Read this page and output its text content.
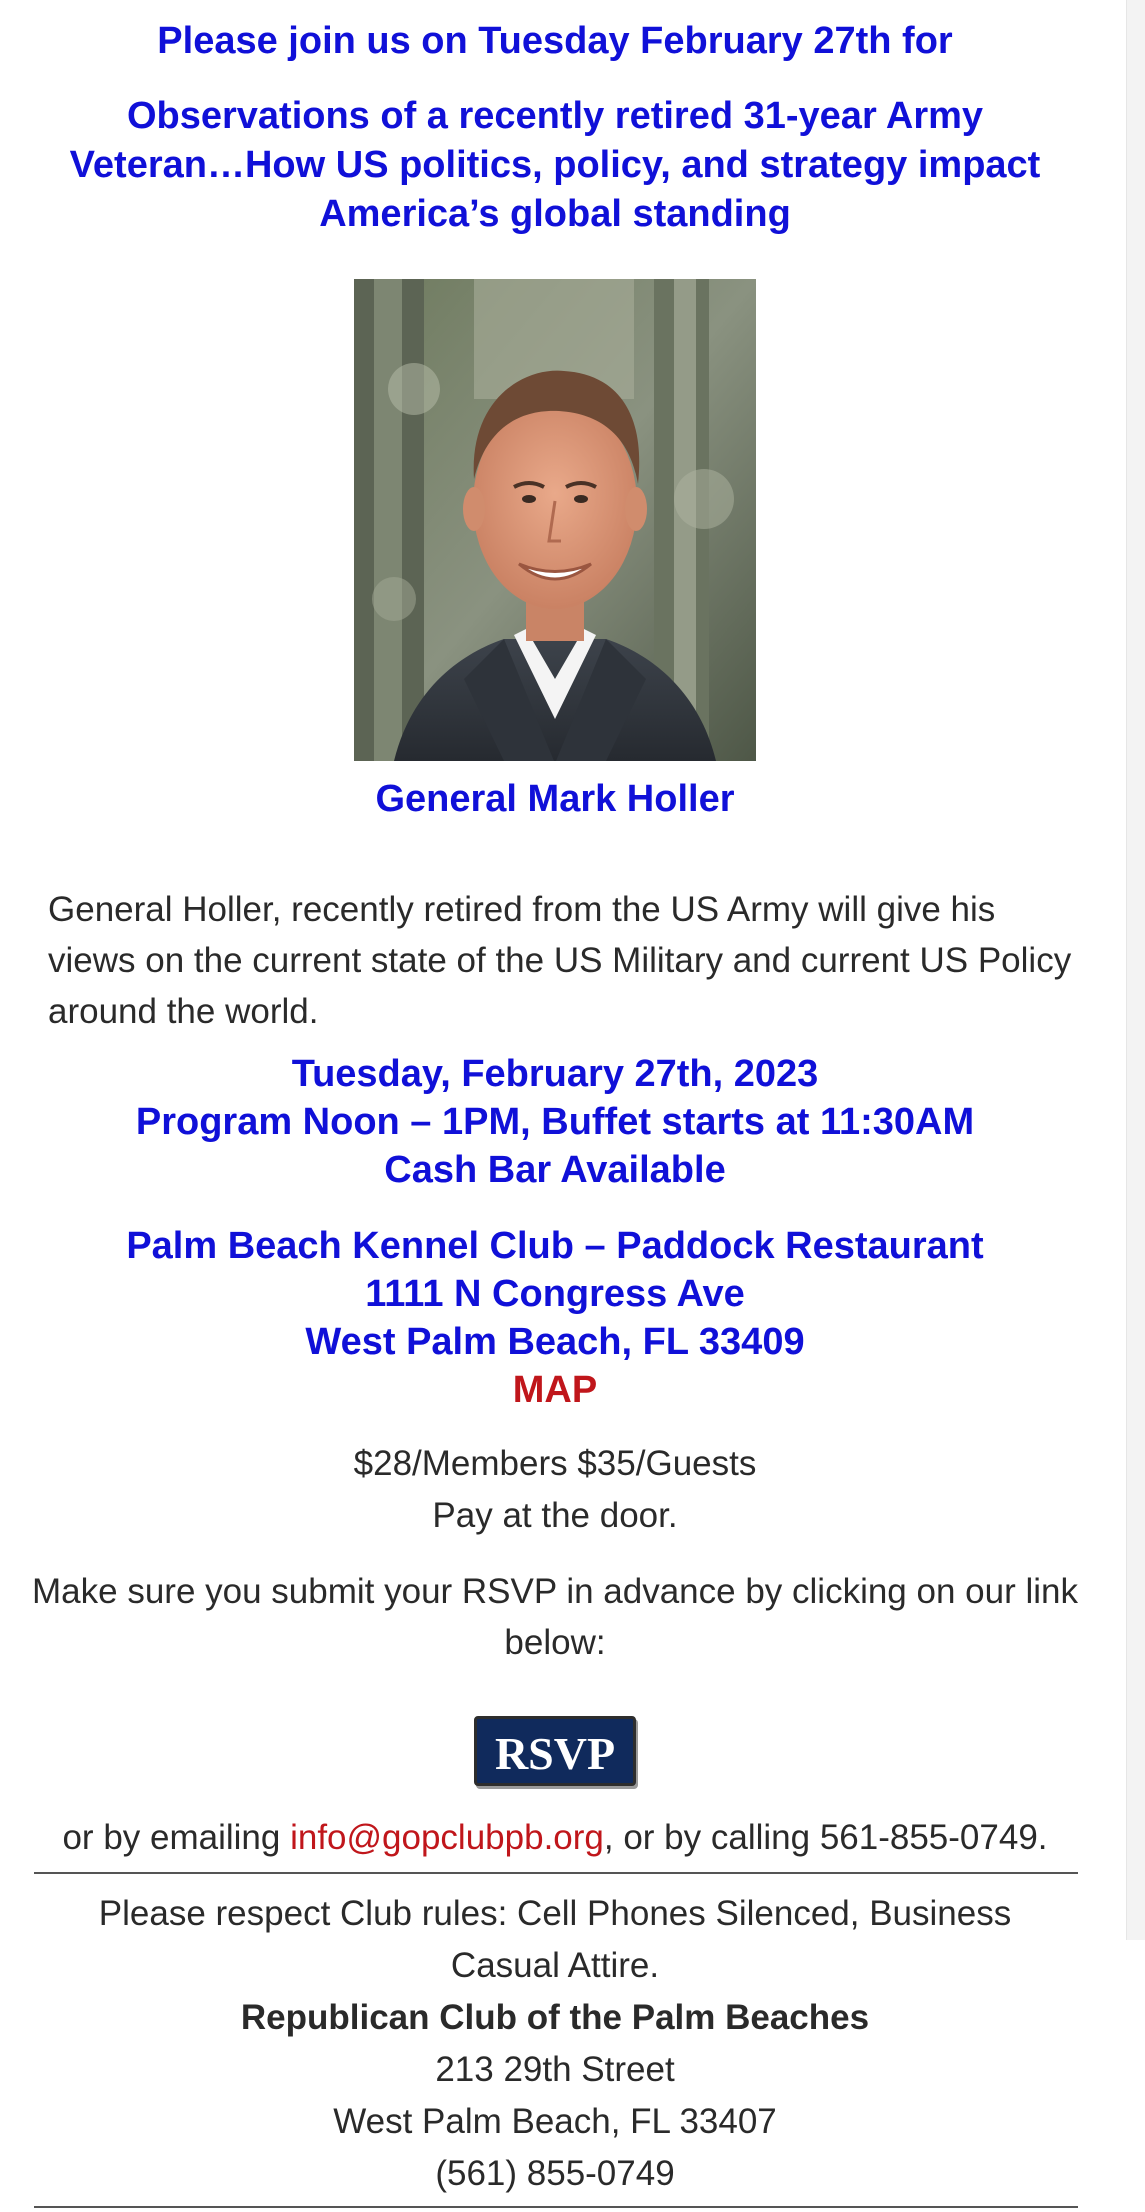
Please join us on Tuesday February 27th for
Observations of a recently retired 31-year Army
Veteran…How US politics, policy, and strategy impact
America’s global standing
General Mark Holler
General Holler, recently retired from the US Army will give his views on the current state of the US Military and current US Policy around the world.
Tuesday, February 27th, 2023
Program Noon – 1PM, Buffet starts at 11:30AM
Cash Bar Available
Palm Beach Kennel Club – Paddock Restaurant
1111 N Congress Ave
West Palm Beach, FL 33409
MAP
$28/Members $35/Guests
Pay at the door.
Make sure you submit your RSVP in advance by clicking on our link below:
RSVP
or by emailing info@gopclubpb.org, or by calling 561-855-0749.
Please respect Club rules: Cell Phones Silenced, Business Casual Attire.
Republican Club of the Palm Beaches
213 29th Street
West Palm Beach, FL 33407
(561) 855-0749
